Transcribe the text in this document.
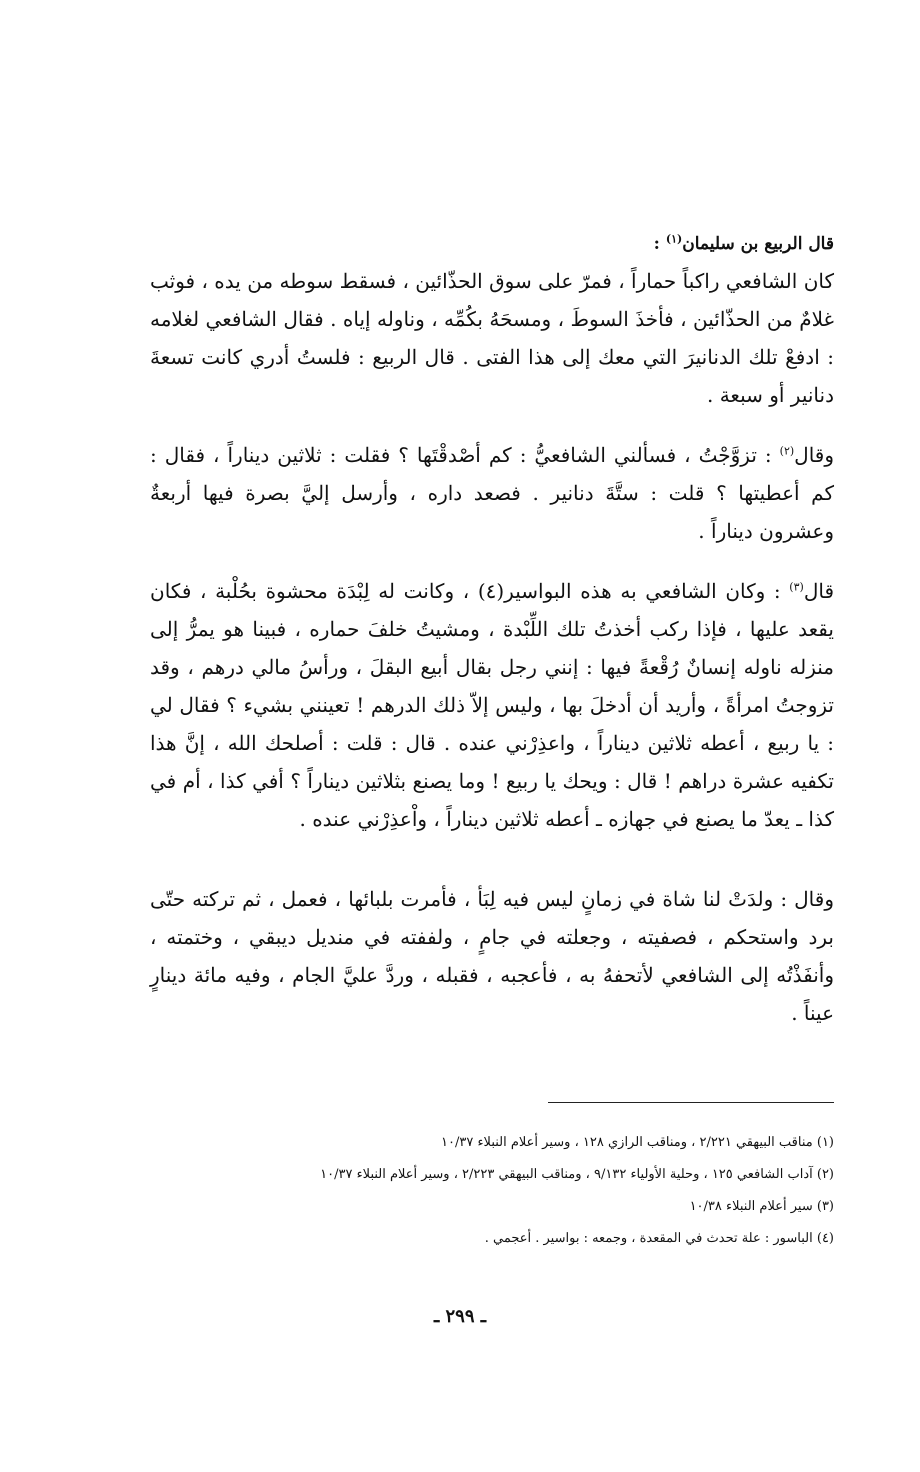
قال الربيع بن سليمان$^{(١)}$ :
كان الشافعي راكباً حماراً ، فمرّ على سوق الحذّائين ، فسقط سوطه من يده ، فوثب غلامٌ من الحذّائين ، فأخذَ السوطَ ، ومسحَهُ بكُمِّه ، وناوله إياه . فقال الشافعي لغلامه : ادفعْ تلك الدنانيرَ التي معك إلى هذا الفتى . قال الربيع : فلستُ أدري كانت تسعةَ دنانير أو سبعة .
وقال$^{(٢)}$ : تزوَّجْتُ ، فسألني الشافعيُّ : كم أصْدقْتَها ؟ فقلت : ثلاثين ديناراً ، فقال : كم أعطيتها ؟ قلت : ستَّةَ دنانير . فصعد داره ، وأرسل إليَّ بصرة فيها أربعةٌ وعشرون ديناراً .
قال$^{(٣)}$ : وكان الشافعي به هذه البواسير(٤) ، وكانت له لِبْدَة محشوة بحُلْبة ، فكان يقعد عليها ، فإذا ركب أخذتُ تلك اللِّبْدة ، ومشيتُ خلفَ حماره ، فبينا هو يمرُّ إلى منزله ناوله إنسانٌ رُقْعةً فيها : إنني رجل بقال أبيع البقلَ ، ورأسُ مالي درهم ، وقد تزوجتُ امرأةً ، وأريد أن أدخلَ بها ، وليس إلاّ ذلك الدرهم ! تعينني بشيء ؟ فقال لي : يا ربيع ، أعطه ثلاثين ديناراً ، واعذِرْني عنده . قال : قلت : أصلحك الله ، إنَّ هذا تكفيه عشرة دراهم ! قال : ويحك يا ربيع ! وما يصنع بثلاثين ديناراً ؟ أفي كذا ، أم في كذا ـ يعدّ ما يصنع في جهازه ـ أعطه ثلاثين ديناراً ، واْعذِرْني عنده .
وقال : ولدَتْ لنا شاة في زمانٍ ليس فيه لِبَأ ، فأمرت بلبائها ، فعمل ، ثم تركته حتّى برد واستحكم ، فصفيته ، وجعلته في جامٍ ، ولففته في منديل ديبقي ، وختمته ، وأنفَذْتُه إلى الشافعي لأتحفهُ به ، فأعجبه ، فقبله ، وردَّ عليَّ الجام ، وفيه مائة دينارٍ عيناً .
(١) مناقب البيهقي ٢/٢٢١ ، ومناقب الرازي ١٢٨ ، وسير أعلام النبلاء ١٠/٣٧
(٢) آداب الشافعي ١٢٥ ، وحلية الأولياء ٩/١٣٢ ، ومناقب البيهقي ٢/٢٢٣ ، وسير أعلام النبلاء ١٠/٣٧
(٣) سير أعلام النبلاء ١٠/٣٨
(٤) الباسور : علة تحدث في المقعدة ، وجمعه : بواسير . أعجمي .
ـ ٢٩٩ ـ
